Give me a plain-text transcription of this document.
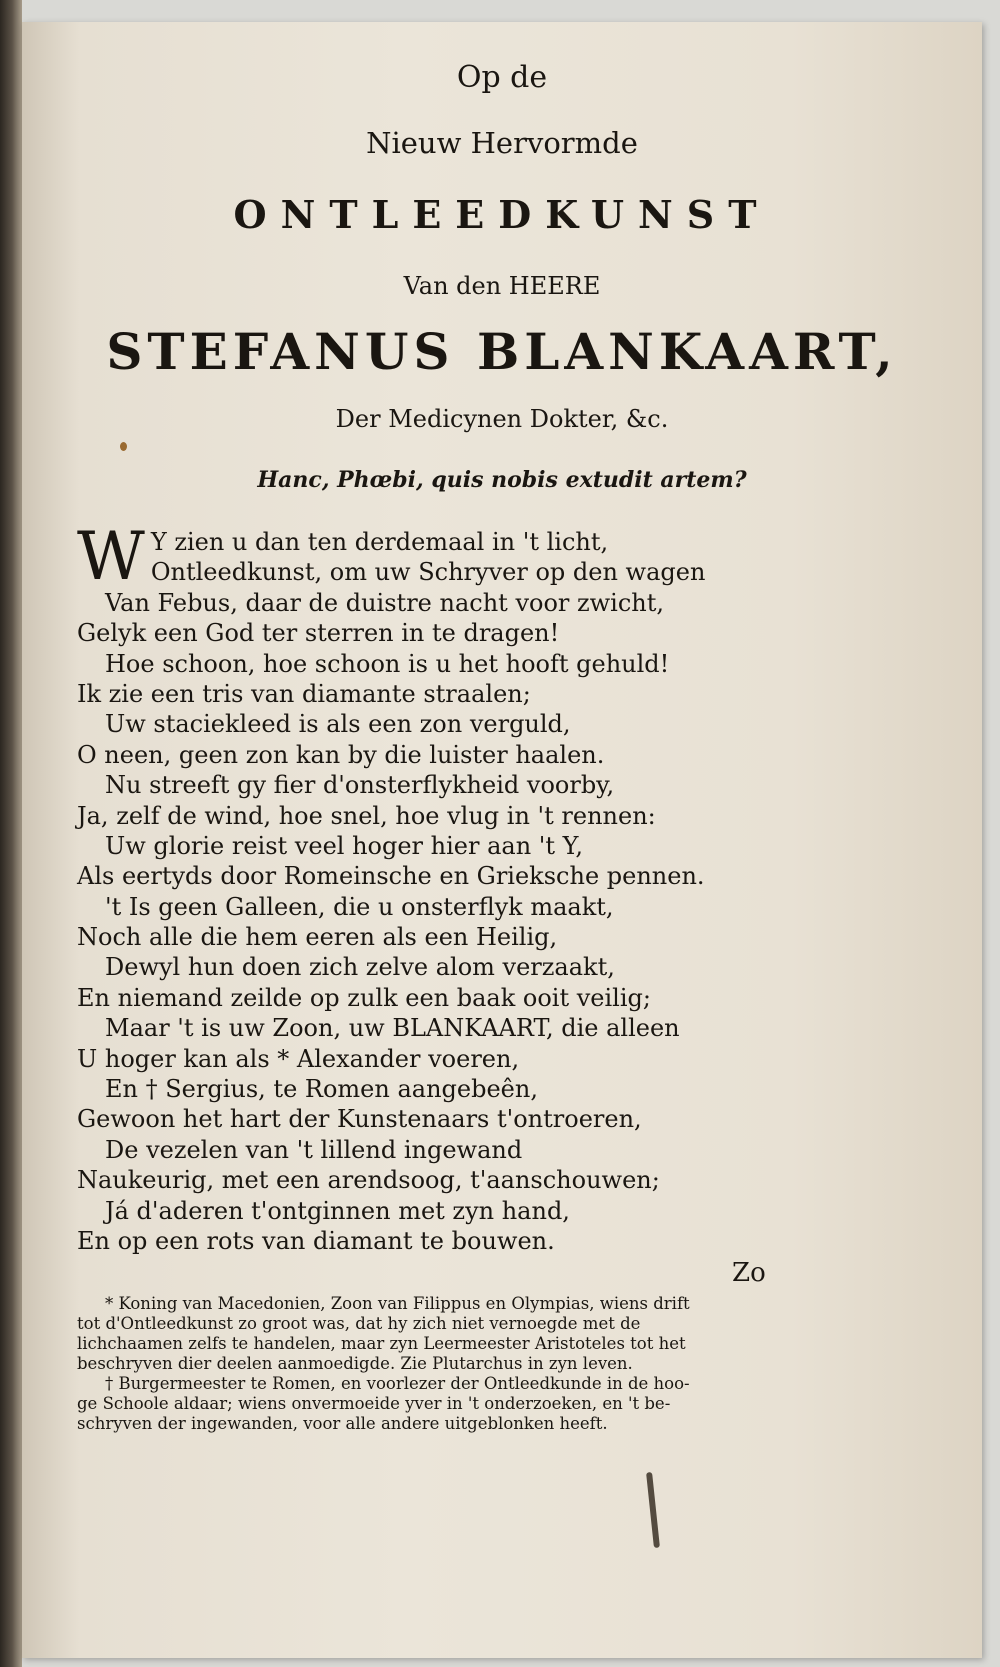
Op de
Nieuw Hervormde
ONTLEEDKUNST
Van den HEERE
STEFANUS BLANKAART,
Der Medicynen Dokter, &c.
Hanc, Phœbi, quis nobis extudit artem?
W Y zien u dan ten derdemaal in 't licht,
Ontleedkunst, om uw Schryver op den wagen
Van Febus, daar de duistre nacht voor zwicht,
Gelyk een God ter sterren in te dragen!
Hoe schoon, hoe schoon is u het hooft gehuld!
Ik zie een tris van diamante straalen;
Uw staciekleed is als een zon verguld,
O neen, geen zon kan by die luister haalen.
Nu streeft gy fier d'onsterflykheid voorby,
Ja, zelf de wind, hoe snel, hoe vlug in 't rennen:
Uw glorie reist veel hoger hier aan 't Y,
Als eertyds door Romeinsche en Grieksche pennen.
't Is geen Galleen, die u onsterflyk maakt,
Noch alle die hem eeren als een Heilig,
Dewyl hun doen zich zelve alom verzaakt,
En niemand zeilde op zulk een baak ooit veilig;
Maar 't is uw Zoon, uw BLANKAART, die alleen
U hoger kan als * Alexander voeren,
En † Sergius, te Romen aangebeên,
Gewoon het hart der Kunstenaars t'ontroeren,
De vezelen van 't lillend ingewand
Naukeurig, met een arendsoog, t'aanschouwen;
Já d'aderen t'ontginnen met zyn hand,
En op een rots van diamant te bouwen.
Zo
* Koning van Macedonien, Zoon van Filippus en Olympias, wiens drift
tot d'Ontleedkunst zo groot was, dat hy zich niet vernoegde met de
lichchaamen zelfs te handelen, maar zyn Leermeester Aristoteles tot het
beschryven dier deelen aanmoedigde. Zie Plutarchus in zyn leven.
† Burgermeester te Romen, en voorlezer der Ontleedkunde in de hoo-
ge Schoole aldaar; wiens onvermoeide yver in 't onderzoeken, en 't be-
schryven der ingewanden, voor alle andere uitgeblonken heeft.
